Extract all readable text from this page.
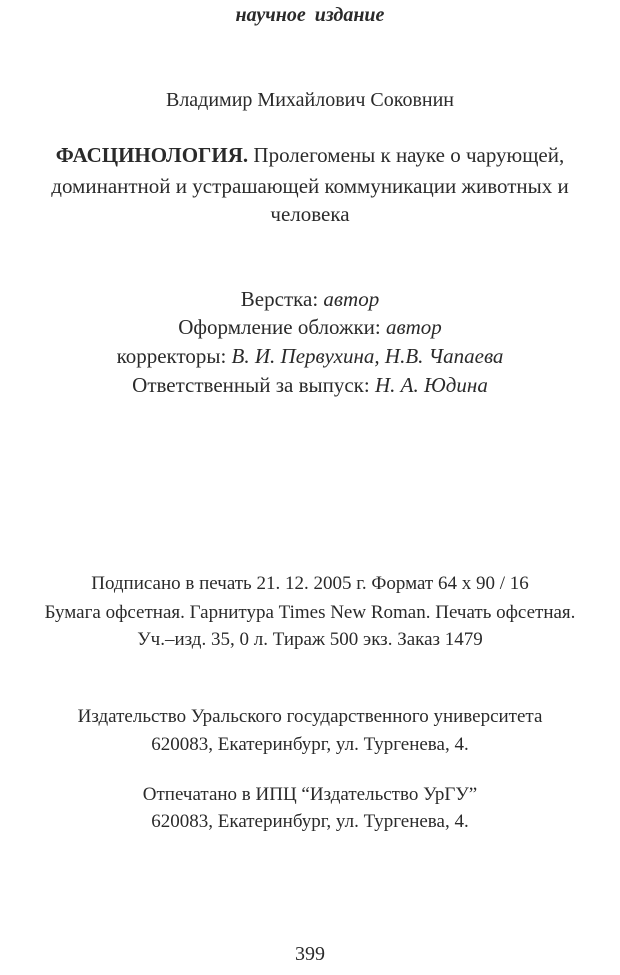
научное издание
Владимир Михайлович Соковнин
ФАСЦИНОЛОГИЯ. Пролегомены к науке о чарующей,
доминантной и устрашающей коммуникации животных и
человека
Верстка: автор
Оформление обложки: автор
корректоры: В. И. Первухина, Н.В. Чапаева
Ответственный за выпуск: Н. А. Юдина
Подписано в печать 21. 12. 2005 г. Формат 64 х 90 / 16
Бумага офсетная. Гарнитура Times New Roman. Печать офсетная.
Уч.–изд. 35, 0 л. Тираж 500 экз. Заказ 1479
Издательство Уральского государственного университета
620083, Екатеринбург, ул. Тургенева, 4.
Отпечатано в ИПЦ “Издательство УрГУ”
620083, Екатеринбург, ул. Тургенева, 4.
399
